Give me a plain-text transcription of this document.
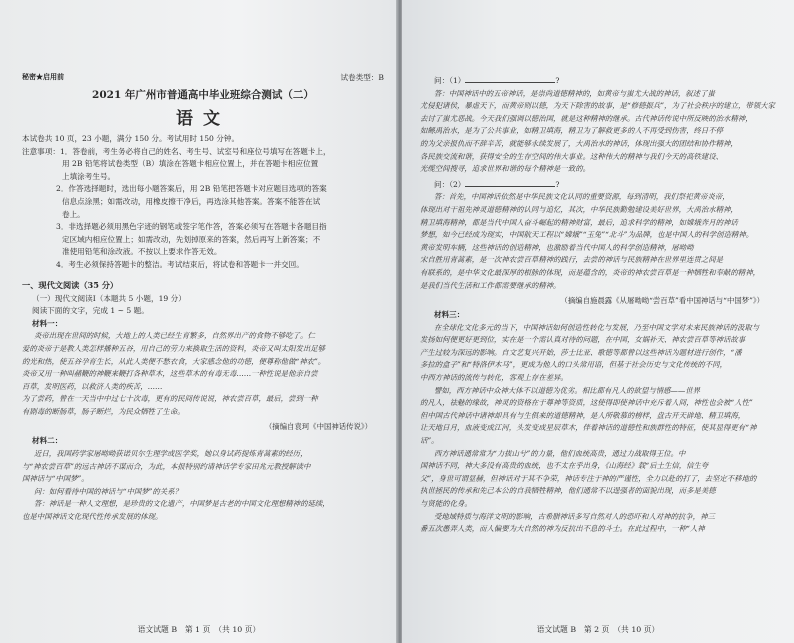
秘密★启用前	试卷类型：B
2021 年广州市普通高中毕业班综合测试（二）
语文

本试卷共 10 页，23 小题，满分 150 分。考试用时 150 分钟。

注意事项：1．答卷前，考生务必将自己的姓名、考生号、试室号和座位号填写在答题卡上，

用 2B 铅笔将试卷类型（B）填涂在答题卡相应位置上，并在答题卡相应位置

上填涂考生号。

2．作答选择题时，选出每小题答案后，用 2B 铅笔把答题卡对应题目选项的答案

信息点涂黑；如需改动，用橡皮擦干净后，再选涂其他答案。答案不能答在试

卷上。

3．非选择题必须用黑色字迹的钢笔或签字笔作答，答案必须写在答题卡各题目指

定区域内相应位置上；如需改动，先划掉原来的答案，然后再写上新答案；不

准使用铅笔和涂改液。不按以上要求作答无效。

4．考生必须保持答题卡的整洁。考试结束后，将试卷和答题卡一并交回。

一、现代文阅读（35 分）

（一）现代文阅读Ⅰ（本题共 5 小题，19 分）

阅读下面的文字，完成 1 ~ 5 题。

材料一：

炎帝出现在世间的时候，大地上的人类已经生育繁多，自然界出产的食物不够吃了。仁

爱的炎帝于是教人类怎样播种五谷，用自己的劳力来换取生活的资料，炎帝又叫太阳发出足够

的光和热，使五谷孕育生长，从此人类便不愁衣食，大家感念他的功德，便尊称他做“神农”。

炎帝又用一种叫赭鞭的神鞭来鞭打各种草木，这些草木的有毒无毒……一种性说是他亲自尝

百草，发明医药，以救济人类的疾苦，……

为了尝药，曾在一天当中中过七十次毒，更有的民间传说说，神农尝百草，最后，尝到一种

有剧毒的断肠草，肠子断烂，为民众牺牲了生命。

（摘编自袁珂《中国神话传说》）

材料二：

近日，我国药学家屠呦呦获诺贝尔生理学或医学奖，她以身试药提炼青蒿素的经历，

与“神农尝百草”的远古神话不谋而合，为此，本报特别约请神话学专家田兆元教授解读中

国神话与“中国梦”。

问：如何看待中国的神话与“中国梦”的关系？

答：神话是一种人文理想，是珍贵的文化遗产，中国梦是古老的中国文化理想精神的延续，

也是中国神话文化现代性传承发展的体现。

语文试题 B　第 1 页　（共 10 页）

问：（1）	?

答：中国神话中的五帝神话，是崇尚道德精神的，如黄帝与蚩尤大战的神话，叙述了蚩

尤侵犯诸侯，暴虐天下，而黄帝则以德，为天下除害的故事，是“修德振兵”，为了社会秩序的建立，带领大家

去讨了蚩尤恶战。今天我们强调以德治国，就是这种精神的继承。古代神话传说中所反映的治水精神，

如鲧禹治水，是为了公共事业，如精卫填海，精卫为了解救更多的人不再受到伤害，终日不停

的为父亲报仇而不辞辛苦，就能够永续发展了，大禹治水的神话，体现出强大的团结和协作精神，

各民族交流和谐，获得安全的生存空间的伟大事业。这种伟大的精神与我们今天的高铁建设、

光缆空间搜寻，追求世界和谐的每个精神是一致的。

问：（2）	?

答：首先，中国神话依然是中华民族文化认同的重要资源，每到清明，我们祭祀黄帝炎帝，

体现出对干祖先神灵道德精神的认同与追忆，其次，中华民族勤勉建设美好世界，大禹治水精神，

精卫填海精神，都是当代中国人奋斗崛起的精神财富，最后，追求科学的精神，如嫦娥奔月的神话

梦想，如今已经成为现实，中国航天工程以“嫦娥”“玉兔”“北斗”为品牌，也是中国人的科学创造精神。

黄帝发明车辆，这些神话的创造精神，也激励着当代中国人的科学创造精神，屠呦呦

宋自胜用青蒿素，是一次神农尝百草精神的践行，去尝的神话与民族精神在世界里连贯之间是

有联系的，是中华文化最深厚的根脉的体现，而是蕴含的，炎帝的神农尝百草是一种牺牲和奉献的精神，

是我们当代生活和工作都需要继承的精神。

（摘编自施晨露《从屠呦呦“尝百草”看中国神话与“中国梦”》）

材料三：

在全球化文化多元的当下，中国神话如何创造性转化与发展，乃至中国文学对未来民族神话的汲取与

发扬如何便更好更到位，实在是一个需认真对待的问题，在中国，女娲补天、神农尝百草等神话故事

产生过较为深远的影响。自文艺复兴开始，莎士比亚、歌德等都曾以这些神话为题材进行创作，“潘

多拉的盒子”和“特洛伊木马”，更成为他人的口头常用语，但基于社会历史与文化传统的不同，

中西方神话的流传与转化，客观上存在差异。

譬如，西方神话中众神大体不以道德为优劣。相比都有凡人的欲望与情感——世界

的凡人，祛魅的缘故，神灵的资格在于尊神等资质，这使得即使神话中充斥着人间，神性也会被“人性”

但中国古代神话中诸神却具有与生俱来的道德精神，是人所敬慕的榜样，盘古开天辟地、精卫填海，

让天地日月，血液变成江河，头发变成星辰草木，伴着神话的道德性和族群性的特征，使其显得更有“神

话”。

西方神话通常常为“力拔山兮”的力量，他们血统高贵，通过力战取得王位。中

国神话不同，神大多没有高贵的血统，也不太在乎出身，《山海经》载“后土生信，信生夸

父”，身世可谓显赫，但神话对于其不争荣，神话专注于神的严谨性，全力以赴的打了，去坚定不移地的

执世拯民的传承和先己本公的自我牺牲精神，他们通常不以逞强者的面貌出现，而多是美德

与贤能的化身。

受地域特质与海洋文明的影响，古希腊神话多写自然对人的恐吓和人对神的抗争，神三

番五次愚弄人类，而人偏要为大自然的神为反抗出不息的斗士。在此过程中，一种“人神

语文试题 B　第 2 页　（共 10 页）
